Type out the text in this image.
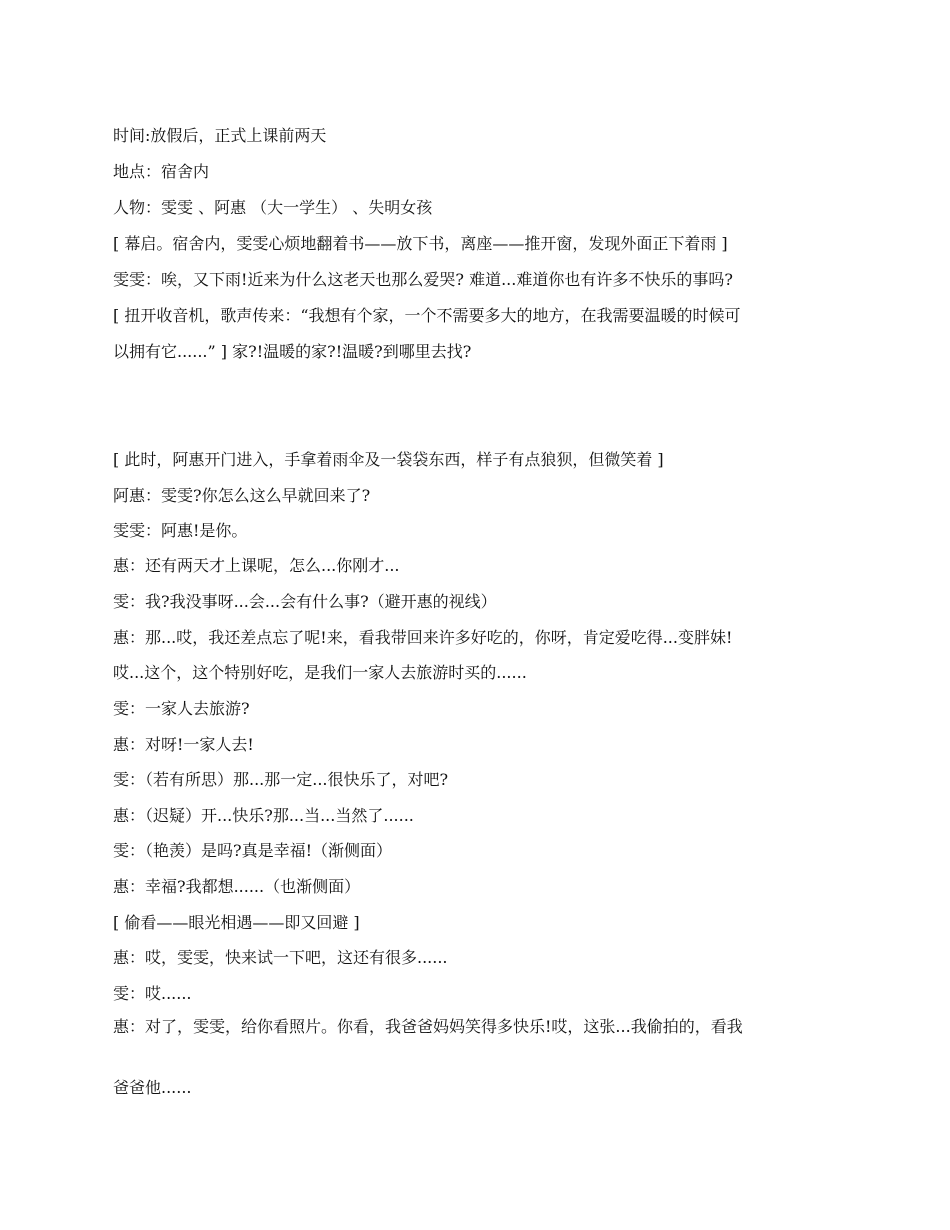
时间:放假后，正式上课前两天
地点：宿舍内
人物：雯雯 、阿惠 （大一学生） 、失明女孩
[ 幕启。宿舍内，雯雯心烦地翻着书——放下书，离座——推开窗，发现外面正下着雨 ]
雯雯：唉，又下雨!近来为什么这老天也那么爱哭? 难道...难道你也有许多不快乐的事吗?
[ 扭开收音机，歌声传来：“我想有个家，一个不需要多大的地方，在我需要温暖的时候可
以拥有它......” ] 家?!温暖的家?!温暖?到哪里去找?
[ 此时，阿惠开门进入，手拿着雨伞及一袋袋东西，样子有点狼狈，但微笑着 ]
阿惠：雯雯?你怎么这么早就回来了?
雯雯：阿惠!是你。
惠：还有两天才上课呢，怎么...你刚才...
雯：我?我没事呀...会...会有什么事?（避开惠的视线）
惠：那...哎，我还差点忘了呢!来，看我带回来许多好吃的，你呀，肯定爱吃得...变胖妹!
哎...这个，这个特别好吃，是我们一家人去旅游时买的......
雯：一家人去旅游?
惠：对呀!一家人去!
雯：（若有所思）那...那一定...很快乐了，对吧?
惠：（迟疑）开...快乐?那...当...当然了......
雯：（艳羡）是吗?真是幸福!（渐侧面）
惠：幸福?我都想......（也渐侧面）
[ 偷看——眼光相遇——即又回避 ]
惠：哎，雯雯，快来试一下吧，这还有很多......
雯：哎......
惠：对了，雯雯，给你看照片。你看，我爸爸妈妈笑得多快乐!哎，这张...我偷拍的，看我
爸爸他......
